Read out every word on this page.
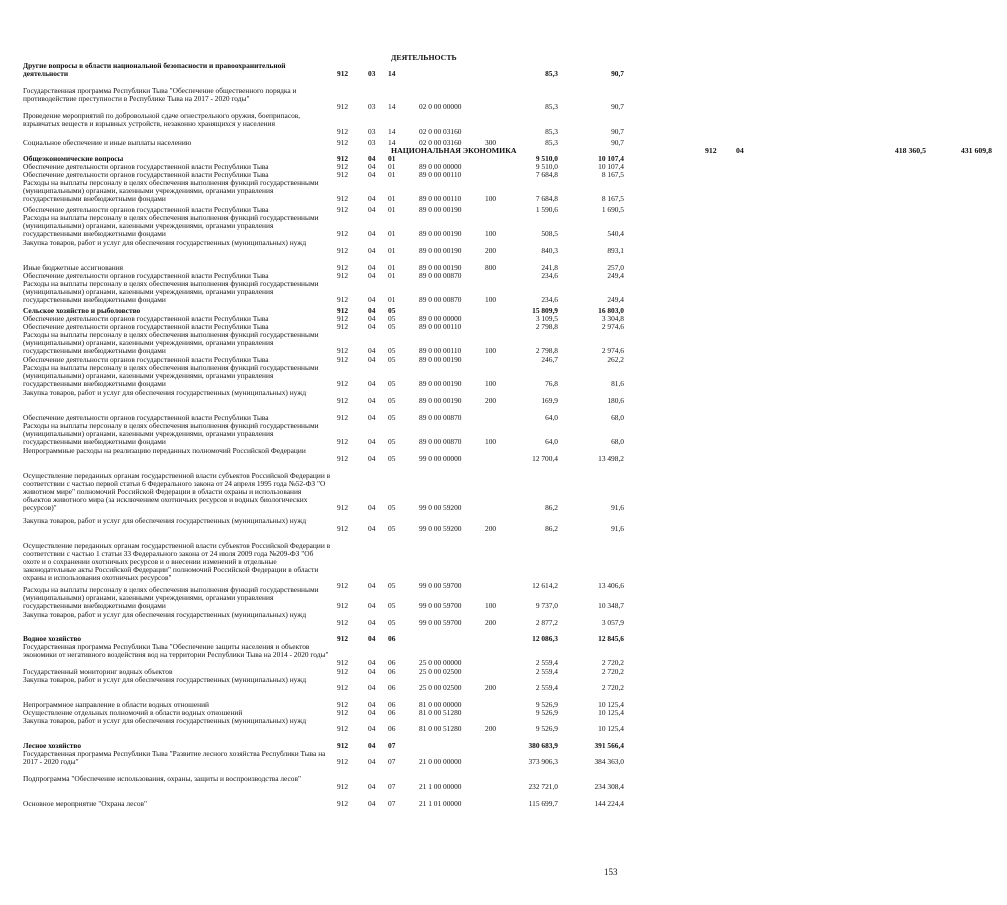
ДЕЯТЕЛЬНОСТЬ
Другие вопросы в области национальной безопасности и правоохранительной деятельности	912	03 14	85,3	90,7
Государственная программа Республики Тыва "Обеспечение общественного порядка и противодействие преступности в Республике Тыва на 2017 - 2020 годы"
912	03 14	02 0 00 00000	85,3	90,7
Проведение мероприятий по добровольной сдаче огнестрельного оружия, боеприпасов, взрывчатых веществ и взрывных устройств, незаконно хранящихся у населения
912	03 14	02 0 00 03160	85,3	90,7
Социальное обеспечение и иные выплаты населению	912	03 14	02 0 00 03160	300	85,3	90,7
НАЦИОНАЛЬНАЯ ЭКОНОМИКА	912 04	418 360,5	431 609,8
Общеэкономические вопросы	912	04 01	9 510,0	10 107,4
Обеспечение деятельности органов государственной власти Республики Тыва	912	04 01	89 0 00 00000	9 510,0	10 107,4
Обеспечение деятельности органов государственной власти Республики Тыва	912	04 01	89 0 00 00110	7 684,8	8 167,5
Расходы на выплаты персоналу в целях обеспечения выполнения функций государственными (муниципальными) органами, казенными учреждениями, органами управления государственными внебюджетными фондами	912	04 01	89 0 00 00110	100	7 684,8	8 167,5
Обеспечение деятельности органов государственной власти Республики Тыва	912	04 01	89 0 00 00190	1 590,6	1 690,5
Расходы на выплаты персоналу в целях обеспечения выполнения функций государственными (муниципальными) органами, казенными учреждениями, органами управления государственными внебюджетными фондами	912	04 01	89 0 00 00190	100	508,5	540,4
Закупка товаров, работ и услуг для обеспечения государственных (муниципальных) нужд
912	04 01	89 0 00 00190	200	840,3	893,1
Иные бюджетные ассигнования	912	04 01	89 0 00 00190	800	241,8	257,0
Обеспечение деятельности органов государственной власти Республики Тыва	912	04 01	89 0 00 00870	234,6	249,4
Расходы на выплаты персоналу в целях обеспечения выполнения функций государственными (муниципальными) органами, казенными учреждениями, органами управления государственными внебюджетными фондами	912	04 01	89 0 00 00870	100	234,6	249,4
Сельское хозяйство и рыболовство	912	04 05	15 809,9	16 803,0
Обеспечение деятельности органов государственной власти Республики Тыва	912	04 05	89 0 00 00000	3 109,5	3 304,8
Обеспечение деятельности органов государственной власти Республики Тыва	912	04 05	89 0 00 00110	2 798,8	2 974,6
Расходы на выплаты персоналу в целях обеспечения выполнения функций государственными (муниципальными) органами, казенными учреждениями, органами управления государственными внебюджетными фондами	912	04 05	89 0 00 00110	100	2 798,8	2 974,6
Обеспечение деятельности органов государственной власти Республики Тыва	912	04 05	89 0 00 00190	246,7	262,2
Расходы на выплаты персоналу в целях обеспечения выполнения функций государственными (муниципальными) органами, казенными учреждениями, органами управления государственными внебюджетными фондами	912	04 05	89 0 00 00190	100	76,8	81,6
Закупка товаров, работ и услуг для обеспечения государственных (муниципальных) нужд
912	04 05	89 0 00 00190	200	169,9	180,6
Обеспечение деятельности органов государственной власти Республики Тыва	912	04 05	89 0 00 00870	64,0	68,0
Расходы на выплаты персоналу в целях обеспечения выполнения функций государственными (муниципальными) органами, казенными учреждениями, органами управления государственными внебюджетными фондами	912	04 05	89 0 00 00870	100	64,0	68,0
Непрограммные расходы на реализацию переданных полномочий Российской Федерации
912	04 05	99 0 00 00000	12 700,4	13 498,2
Осуществление переданных органам государственной власти субъектов Российской Федерации в соответствии с частью первой статьи 6 Федерального закона от 24 апреля 1995 года №52-ФЗ "О животном мире" полномочий Российской Федерации в области охраны и использования объектов животного мира (за исключением охотничьих ресурсов и водных биологических ресурсов)"	912	04 05	99 0 00 59200	86,2	91,6
Закупка товаров, работ и услуг для обеспечения государственных (муниципальных) нужд
912	04 05	99 0 00 59200	200	86,2	91,6
Осуществление переданных органам государственной власти субъектов Российской Федерации в соответствии с частью 1 статьи 33 Федерального закона от 24 июля 2009 года №209-ФЗ "Об охоте и о сохранении охотничьих ресурсов и о внесении изменений в отдельные законодательные акты Российской Федерации" полномочий Российской Федерации в области охраны и использования охотничьих ресурсов"
912	04 05	99 0 00 59700	12 614,2	13 406,6
Расходы на выплаты персоналу в целях обеспечения выполнения функций государственными (муниципальными) органами, казенными учреждениями, органами управления государственными внебюджетными фондами	912	04 05	99 0 00 59700	100	9 737,0	10 348,7
Закупка товаров, работ и услуг для обеспечения государственных (муниципальных) нужд
912	04 05	99 0 00 59700	200	2 877,2	3 057,9
Водное хозяйство	912	04 06	12 086,3	12 845,6
Государственная программа Республики Тыва "Обеспечение защиты населения и объектов экономики от негативного воздействия вод на территории Республики Тыва на 2014 - 2020 годы"
912	04 06	25 0 00 00000	2 559,4	2 720,2
Государственный мониторинг водных объектов	912	04 06	25 0 00 02500	2 559,4	2 720,2
Закупка товаров, работ и услуг для обеспечения государственных (муниципальных) нужд
912	04 06	25 0 00 02500	200	2 559,4	2 720,2
Непрограммное направление в области водных отношений	912	04 06	81 0 00 00000	9 526,9	10 125,4
Осуществление отдельных полномочий в области водных отношений	912	04 06	81 0 00 51280	9 526,9	10 125,4
Закупка товаров, работ и услуг для обеспечения государственных (муниципальных) нужд
912	04 06	81 0 00 51280	200	9 526,9	10 125,4
Лесное хозяйство	912	04 07	380 683,9	391 566,4
Государственная программа Республики Тыва "Развитие лесного хозяйства Республики Тыва на 2017 - 2020 годы"	912	04 07	21 0 00 00000	373 906,3	384 363,0
Подпрограмма "Обеспечение использования, охраны, защиты и воспроизводства лесов"
912	04 07	21 1 00 00000	232 721,0	234 308,4
Основное мероприятие "Охрана лесов"	912	04 07	21 1 01 00000	115 699,7	144 224,4
153
